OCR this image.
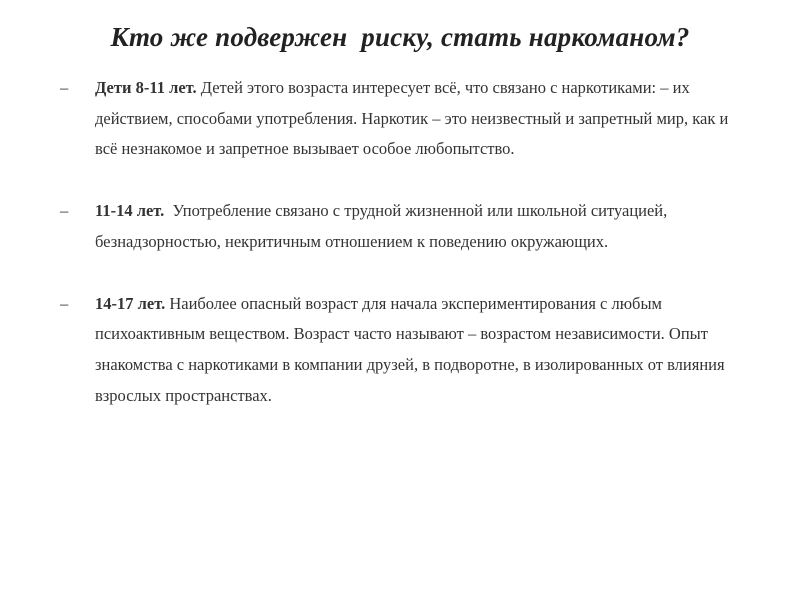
Кто же подвержен  риску, стать наркоманом?
–	Дети 8-11 лет. Детей этого возраста интересует всё, что связано с наркотиками: – их действием, способами употребления. Наркотик – это неизвестный и запретный мир, как и всё незнакомое и запретное вызывает особое любопытство.
–	11-14 лет.  Употребление связано с трудной жизненной или школьной ситуацией, безнадзорностью, некритичным отношением к поведению окружающих.
–	14-17 лет. Наиболее опасный возраст для начала экспериментирования с любым психоактивным веществом. Возраст часто называют – возрастом независимости. Опыт знакомства с наркотиками в компании друзей, в подворотне, в изолированных от влияния взрослых пространствах.
